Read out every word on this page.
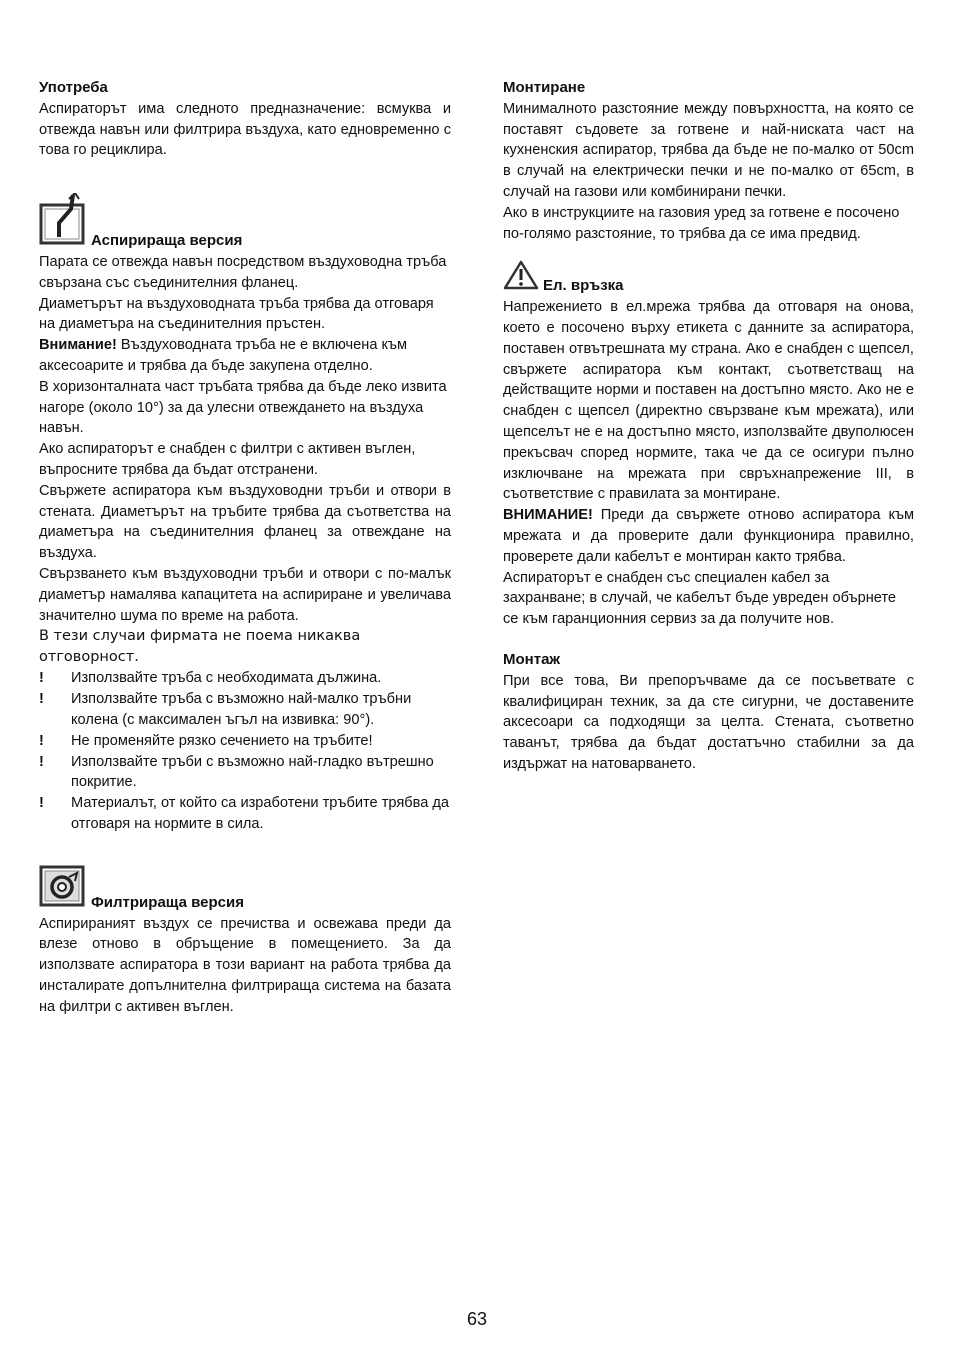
Употреба

Аспираторът има следното предназначение: всмуква и отвежда навън или филтрира въздуха, като едновременно с това го рециклира.

Аспирираща версия

Парата се отвежда навън посредством въздуховодна тръба свързана със съединителния фланец.

Диаметърът на въздуховодната тръба трябва да отговаря на диаметъра на съединителния пръстен.

Внимание! Въздуховодната тръба не е включена към аксесоарите и трябва да бъде закупена отделно.

В хоризонталната част тръбата трябва да бъде леко извита нагоре (около 10°) за да улесни отвеждането на въздуха навън.

Ако аспираторът е снабден с филтри с активен въглен, въпросните трябва да бъдат отстранени.

Свържете аспиратора към въздуховодни тръби и отвори в стената. Диаметърът на тръбите трябва да съответства на диаметъра на съединителния фланец за отвеждане на въздуха.

Свързването към въздуховодни тръби и отвори с по-малък диаметър намалява капацитета на аспириране и увеличава значително шума по време на работа.

В тези случаи фирмата не поема никаква отговорност.

! Използвайте тръба с необходимата дължина.
! Използвайте тръба с възможно най-малко тръбни колена (с максимален ъгъл на извивка: 90°).
! Не променяйте рязко сечението на тръбите!
! Използвайте тръби с възможно най-гладко вътрешно покритие.
! Материалът, от който са изработени тръбите трябва да отговаря на нормите в сила.
Филтрираща версия

Аспирираният въздух се пречиства и освежава преди да влезе отново в обръщение в помещението. За да използвате аспиратора в този вариант на работа трябва да инсталирате допълнителна филтрираща система на базата на филтри с активен въглен.

Монтиране

Минималното разстояние между повърхността, на която се поставят съдовете за готвене и най-ниската част на кухненския аспиратор, трябва да бъде не по-малко от 50cm в случай на електрически печки и не по-малко от 65cm, в случай на газови или комбинирани печки.

Ако в инструкциите на газовия уред за готвене е посочено по-голямо разстояние, то трябва да се има предвид.

Ел. връзка

Напрежението в ел.мрежа трябва да отговаря на онова, което е посочено върху етикета с данните за аспиратора, поставен отвътрешната му страна. Ако е снабден с щепсел, свържете аспиратора към контакт, съответстващ на действащите норми и поставен на достъпно място. Ако не е снабден с щепсел (директно свързване към мрежата), или щепселът не е на достъпно място, използвайте двуполюсен прекъсвач според нормите, така че да се осигури пълно изключване на мрежата при свръхнапрежение III, в съответствие с правилата за монтиране.

ВНИМАНИЕ! Преди да свържете отново аспиратора към мрежата и да проверите дали функционира правилно, проверете дали кабелът е монтиран както трябва.

Аспираторът е снабден със специален кабел за захранване; в случай, че кабелът бъде увреден обърнете се към гаранционния сервиз за да получите нов.

Монтаж

При все това, Ви препоръчваме да се посъветвате с квалифициран техник, за да сте сигурни, че доставените аксесоари са подходящи за целта. Стената, съответно таванът, трябва да бъдат достатъчно стабилни за да издържат на натоварването.

63
